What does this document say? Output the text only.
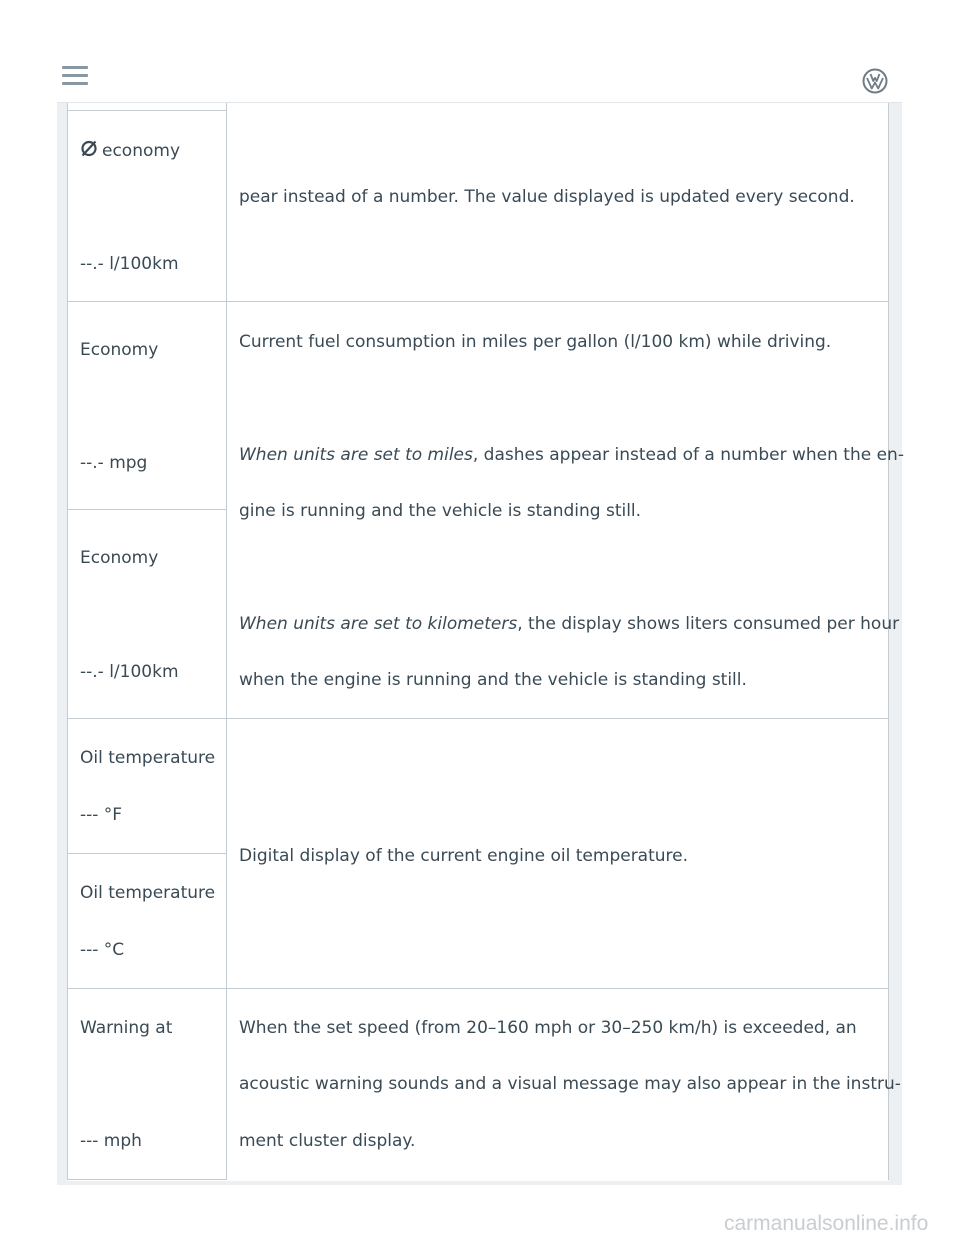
economy
--.- l/100km
pear instead of a number. The value displayed is updated every second.
Economy
--.- mpg
Economy
--.- l/100km
Current fuel consumption in miles per gallon (l/100 km) while driving.
When units are set to miles, dashes appear instead of a number when the en-
gine is running and the vehicle is standing still.
When units are set to kilometers, the display shows liters consumed per hour
when the engine is running and the vehicle is standing still.
Oil temperature
--- °F
Oil temperature
--- °C
Digital display of the current engine oil temperature.
Warning at
--- mph
When the set speed (from 20–160 mph or 30–250 km/h) is exceeded, an
acoustic warning sounds and a visual message may also appear in the instru-
ment cluster display.
carmanualsonline.info
